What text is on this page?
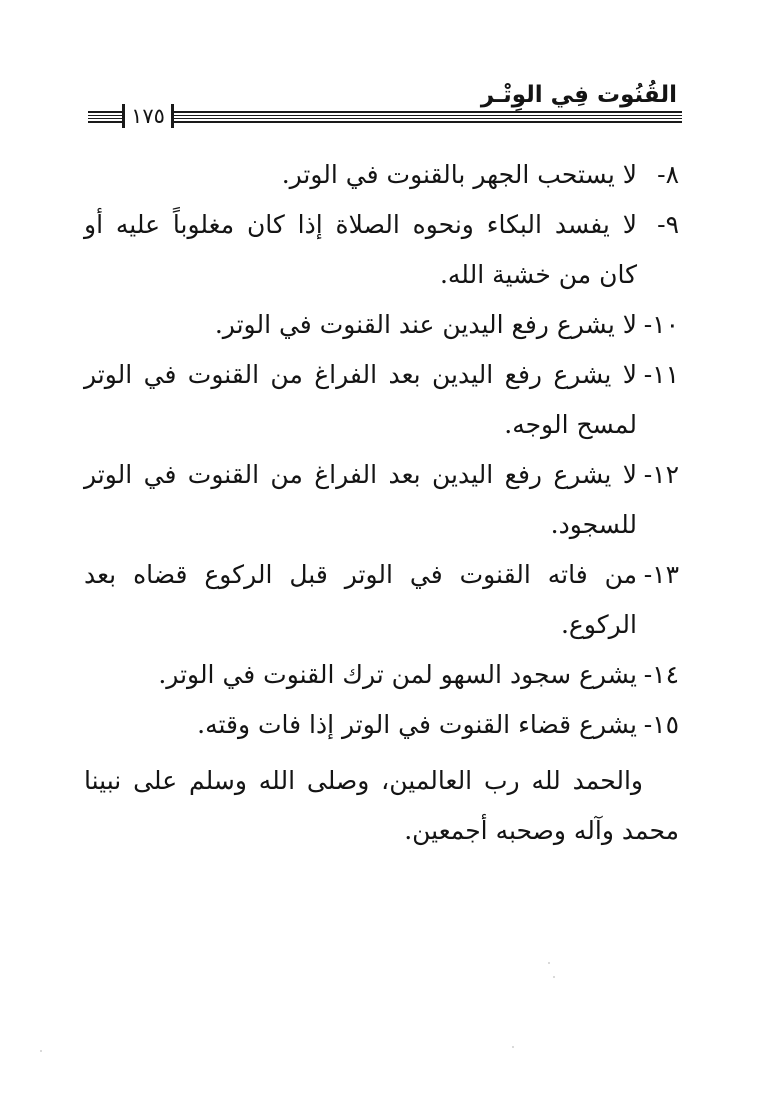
القُنُوت فِي الوِتْـر
١٧٥
٨-
لا يستحب الجهر بالقنوت في الوتر.
٩-
لا يفسد البكاء ونحوه الصلاة إذا كان مغلوباً عليه أو كان من خشية الله.
١٠-
لا يشرع رفع اليدين عند القنوت في الوتر.
١١-
لا يشرع رفع اليدين بعد الفراغ من القنوت في الوتر لمسح الوجه.
١٢-
لا يشرع رفع اليدين بعد الفراغ من القنوت في الوتر للسجود.
١٣-
من فاته القنوت في الوتر قبل الركوع قضاه بعد الركوع.
١٤-
يشرع سجود السهو لمن ترك القنوت في الوتر.
١٥-
يشرع قضاء القنوت في الوتر إذا فات وقته.

والحمد لله رب العالمين، وصلى الله وسلم على نبينا محمد وآله وصحبه أجمعين.
